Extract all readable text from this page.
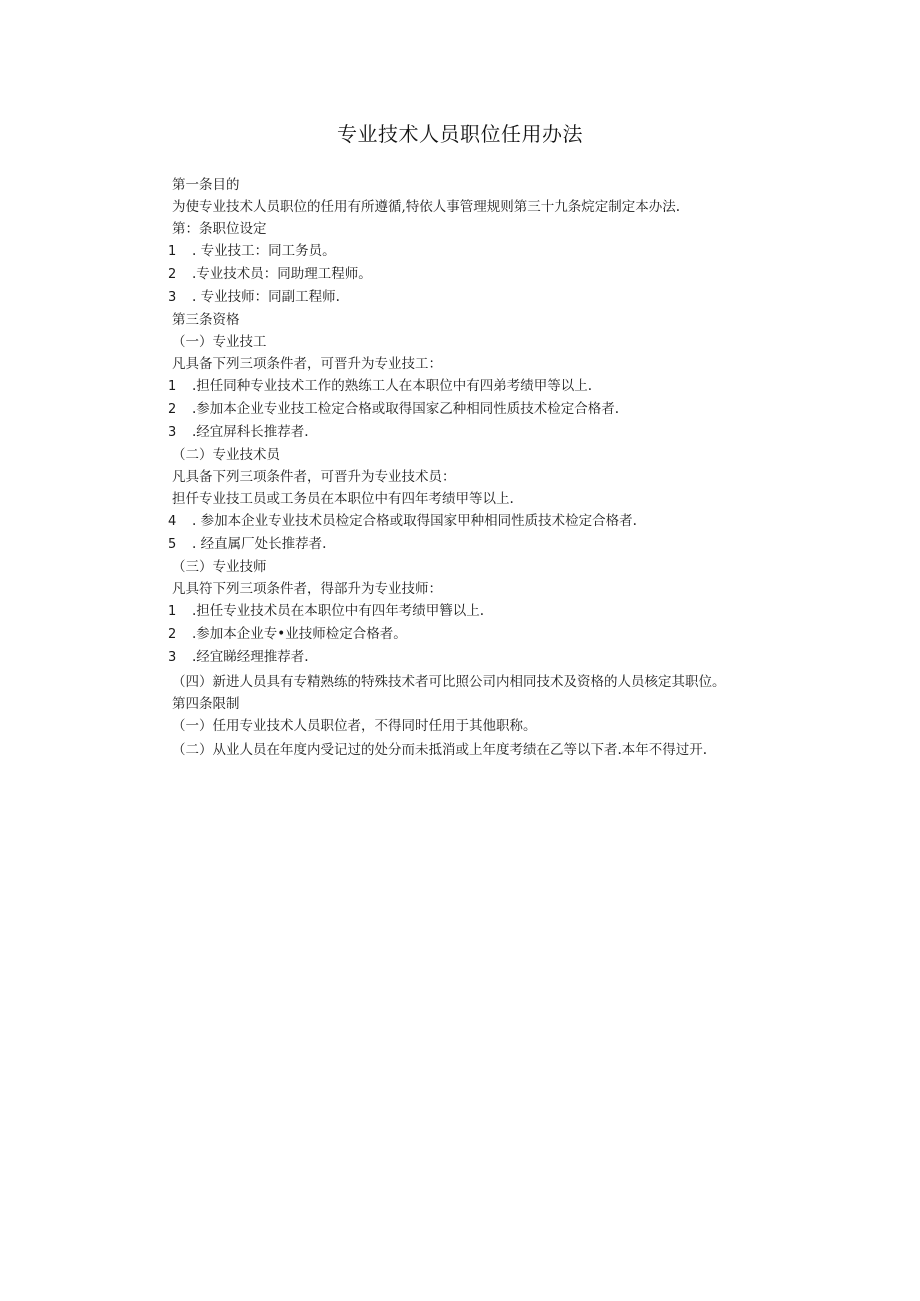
专业技术人员职位任用办法
第一条目的
为使专业技术人员职位的任用有所遵循,特依人事管理规则第三十九条烷定制定本办法.
第：条职位设定
1 . 专业技工：同工务员。
2 .专业技术员：同助理工程师。
3 . 专业技师：同副工程师.
第三条资格
（一）专业技工
凡具备下列三项条件者，可晋升为专业技工：
1 .担任同种专业技术工作的熟练工人在本职位中有四弟考绩甲等以上.
2 .参加本企业专业技工检定合格或取得国家乙种相同性质技术检定合格者.
3 .经宜屏科长推荐者.
（二）专业技术员
凡具备下列三项条件者，可晋升为专业技术员：
担仟专业技工员或工务员在本职位中有四年考绩甲等以上.
4 . 参加本企业专业技术员检定合格或取得国家甲种相同性质技术检定合格者.
5 . 经直属厂处长推荐者.
（三）专业技师
凡具符下列三项条件者，得部升为专业技师：
1 .担任专业技术员在本职位中有四年考绩甲簪以上.
2 .参加本企业专•业技师检定合格者。
3 .经宜睇经理推荐者.
（四）新进人员具有专精熟练的特殊技术者可比照公司内相同技术及资格的人员核定其职位。
第四条限制
（一）任用专业技术人员职位者，不得同时任用于其他职称。
（二）从业人员在年度内受记过的处分而未抵消或上年度考绩在乙等以下者.本年不得过开.
